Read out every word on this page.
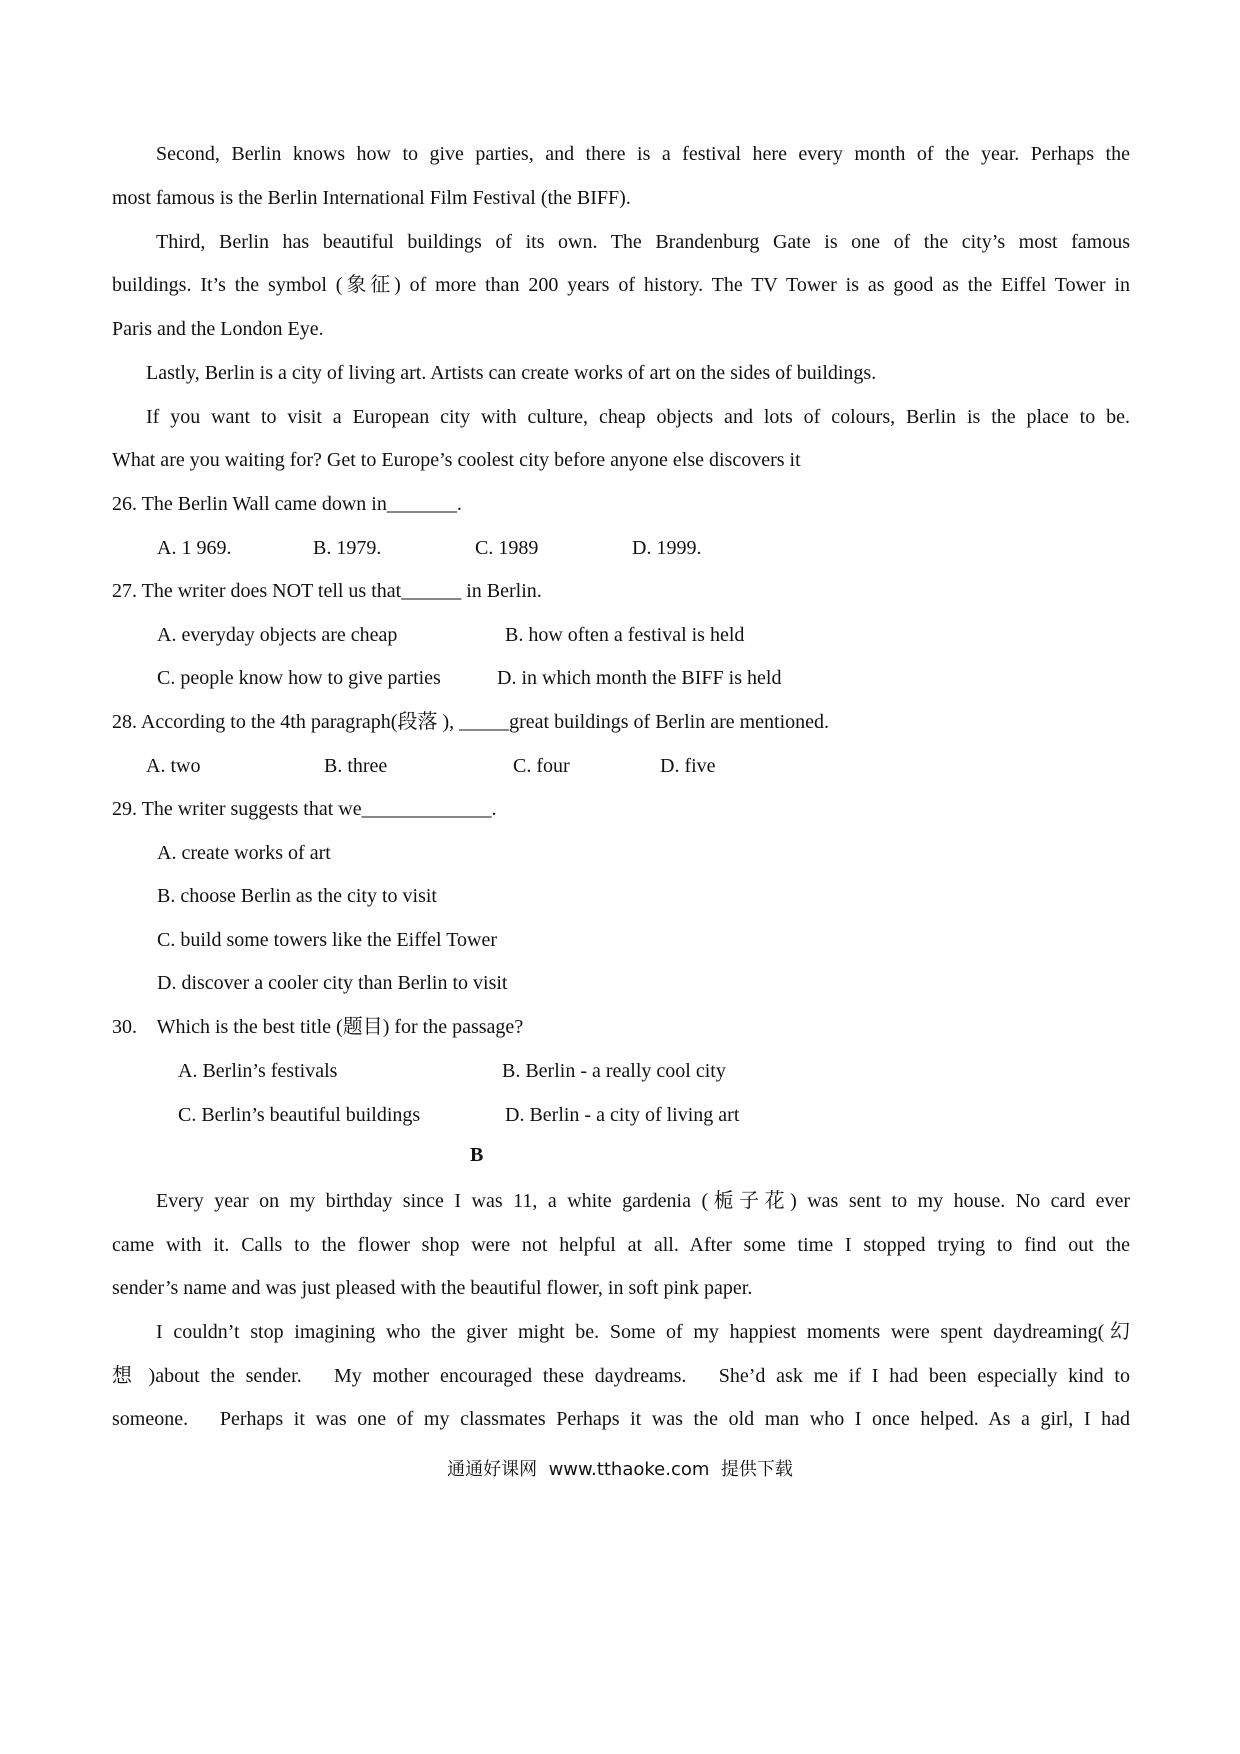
Second, Berlin knows how to give parties, and there is a festival here every month of the year. Perhaps the
most famous is the Berlin International Film Festival (the BIFF).
Third, Berlin has beautiful buildings of its own. The Brandenburg Gate is one of the city’s most famous
buildings. It’s the symbol (象征) of more than 200 years of history. The TV Tower is as good as the Eiffel Tower in
Paris and the London Eye.
Lastly, Berlin is a city of living art. Artists can create works of art on the sides of buildings.
If you want to visit a European city with culture, cheap objects and lots of colours, Berlin is the place to be.
What are you waiting for? Get to Europe’s coolest city before anyone else discovers it
26. The Berlin Wall came down in_______.
A. 1 969.	B. 1979.	C. 1989	D. 1999.
27. The writer does NOT tell us that______ in Berlin.
A. everyday objects are cheap	B. how often a festival is held
C. people know how to give parties	D. in which month the BIFF is held
28. According to the 4th paragraph(段落 ), _____great buildings of Berlin are mentioned.
A. two	B. three	C. four	D. five
29. The writer suggests that we_____________.
A. create works of art
B. choose Berlin as the city to visit
C. build some towers like the Eiffel Tower
D. discover a cooler city than Berlin to visit
30.    Which is the best title (题目) for the passage?
A. Berlin’s festivals	B. Berlin - a really cool city
C. Berlin’s beautiful buildings	D. Berlin - a city of living art
B
Every year on my birthday since I was 11, a white gardenia (栀子花) was sent to my house. No card ever
came with it. Calls to the flower shop were not helpful at all. After some time I stopped trying to find out the
sender’s name and was just pleased with the beautiful flower, in soft pink paper.
I couldn’t stop imagining who the giver might be. Some of my happiest moments were spent daydreaming(幻
想 )about the sender.   My mother encouraged these daydreams.   She’d ask me if I had been especially kind to
someone.   Perhaps it was one of my classmates Perhaps it was the old man who I once helped. As a girl, I had
通通好课网  www.tthaoke.com  提供下载
